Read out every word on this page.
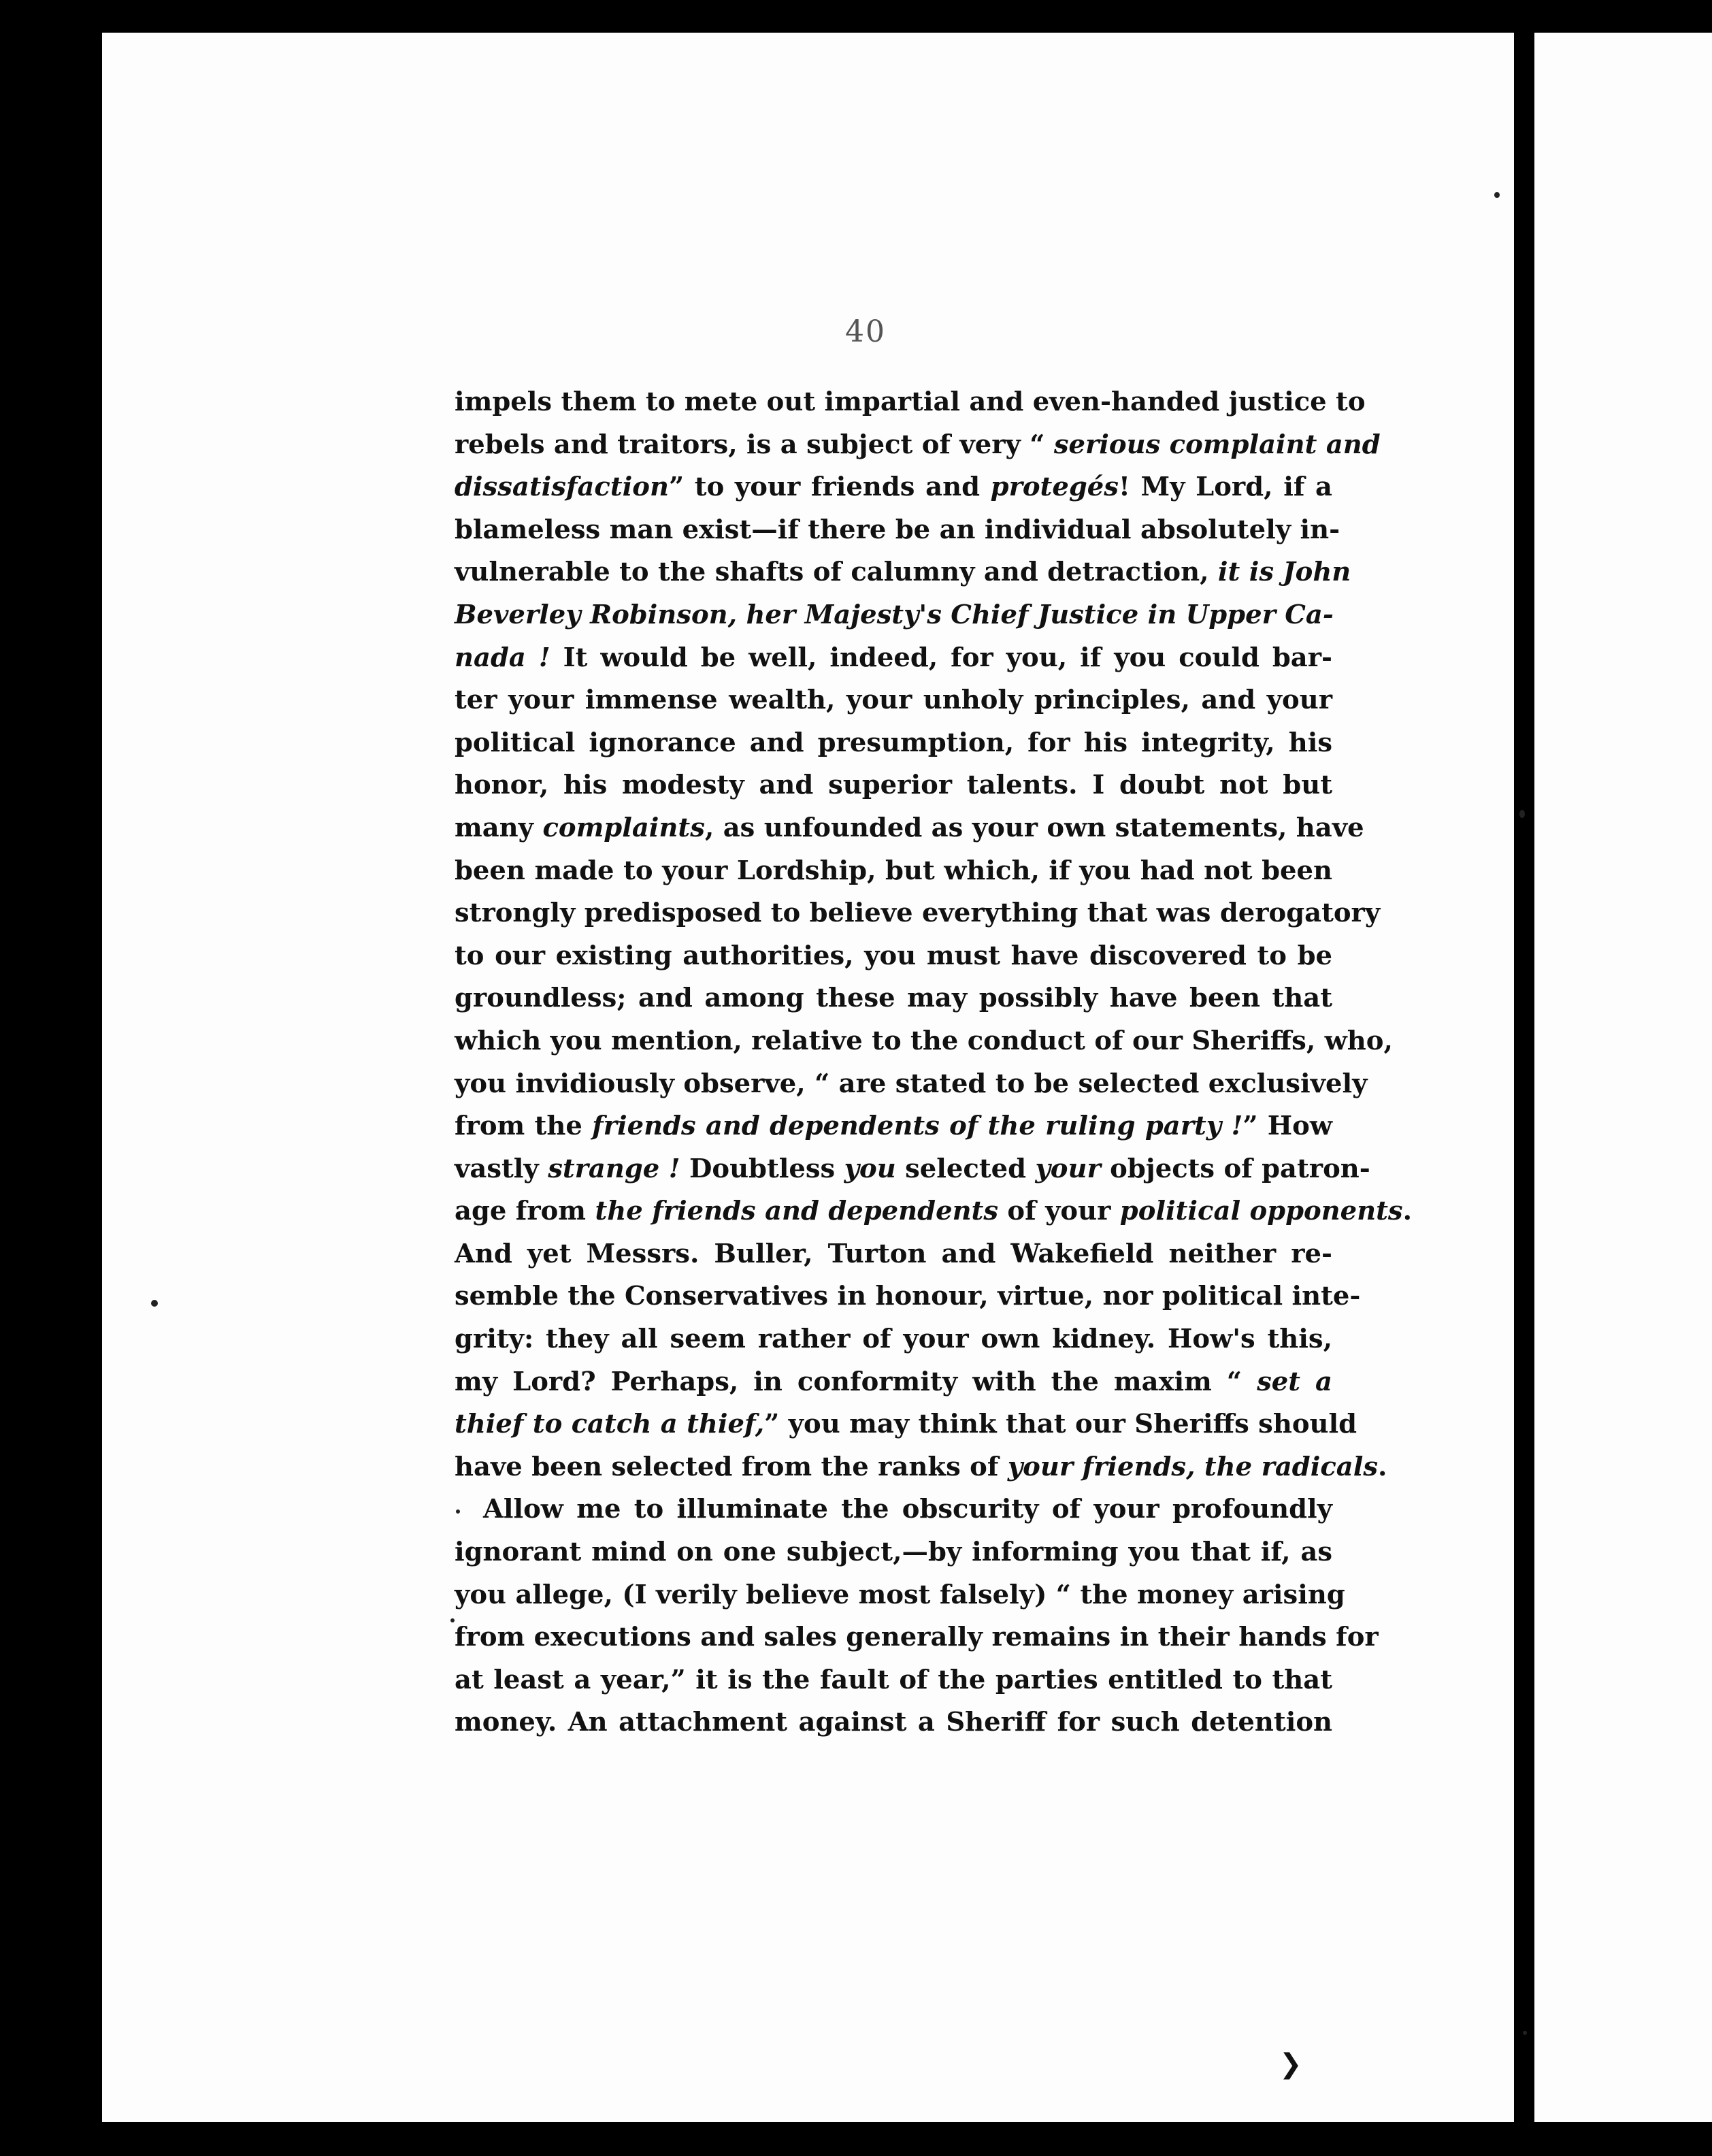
40
impels them to mete out impartial and even-handed justice to
rebels and traitors, is a subject of very “ serious complaint and
dissatisfaction” to your friends and protegés! My Lord, if a
blameless man exist—if there be an individual absolutely in-
vulnerable to the shafts of calumny and detraction, it is John
Beverley Robinson, her Majesty's Chief Justice in Upper Ca-
nada ! It would be well, indeed, for you, if you could bar-
ter your immense wealth, your unholy principles, and your
political ignorance and presumption, for his integrity, his
honor, his modesty and superior talents. I doubt not but
many complaints, as unfounded as your own statements, have
been made to your Lordship, but which, if you had not been
strongly predisposed to believe everything that was derogatory
to our existing authorities, you must have discovered to be
groundless; and among these may possibly have been that
which you mention, relative to the conduct of our Sheriffs, who,
you invidiously observe, “ are stated to be selected exclusively
from the friends and dependents of the ruling party !” How
vastly strange ! Doubtless you selected your objects of patron-
age from the friends and dependents of your political opponents.
And yet Messrs. Buller, Turton and Wakefield neither re-
semble the Conservatives in honour, virtue, nor political inte-
grity: they all seem rather of your own kidney. How's this,
my Lord? Perhaps, in conformity with the maxim “ set a
thief to catch a thief,” you may think that our Sheriffs should
have been selected from the ranks of your friends, the radicals.
Allow me to illuminate the obscurity of your profoundly
ignorant mind on one subject,—by informing you that if, as
you allege, (I verily believe most falsely) “ the money arising
from executions and sales generally remains in their hands for
at least a year,” it is the fault of the parties entitled to that
money. An attachment against a Sheriff for such detention
❯
